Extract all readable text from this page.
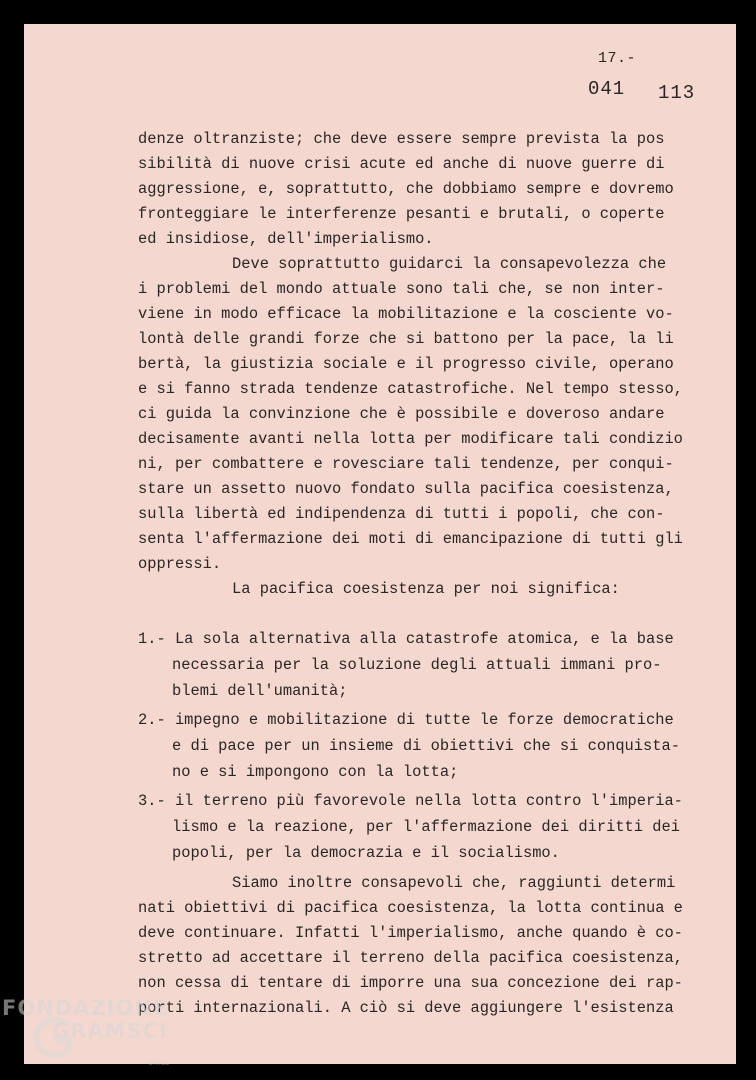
17.-
041 113
denze oltranziste; che deve essere sempre prevista la pos
sibilità di nuove crisi acute ed anche di nuove guerre di
aggressione, e, soprattutto, che dobbiamo sempre e dovremo
fronteggiare le interferenze pesanti e brutali, o coperte
ed insidiose, dell'imperialismo.
Deve soprattutto guidarci la consapevolezza che
i problemi del mondo attuale sono tali che, se non inter-
viene in modo efficace la mobilitazione e la cosciente vo-
lontà delle grandi forze che si battono per la pace, la li
bertà, la giustizia sociale e il progresso civile, operano
e si fanno strada tendenze catastrofiche. Nel tempo stesso,
ci guida la convinzione che è possibile e doveroso andare
decisamente avanti nella lotta per modificare tali condizio
ni, per combattere e rovesciare tali tendenze, per conqui-
stare un assetto nuovo fondato sulla pacifica coesistenza,
sulla libertà ed indipendenza di tutti i popoli, che con-
senta l'affermazione dei moti di emancipazione di tutti gli
oppressi.
La pacifica coesistenza per noi significa:
1.- La sola alternativa alla catastrofe atomica, e la base
necessaria per la soluzione degli attuali immani pro-
blemi dell'umanità;
2.- impegno e mobilitazione di tutte le forze democratiche
e di pace per un insieme di obiettivi che si conquista-
no e si impongono con la lotta;
3.- il terreno più favorevole nella lotta contro l'imperia-
lismo e la reazione, per l'affermazione dei diritti dei
popoli, per la democrazia e il socialismo.
Siamo inoltre consapevoli che, raggiunti determi
nati obiettivi di pacifica coesistenza, la lotta continua e
deve continuare. Infatti l'imperialismo, anche quando è co-
stretto ad accettare il terreno della pacifica coesistenza,
non cessa di tentare di imporre una sua concezione dei rap-
porti internazionali. A ciò si deve aggiungere l'esistenza
FONDAZIONE
GRAMSCI
onlus
